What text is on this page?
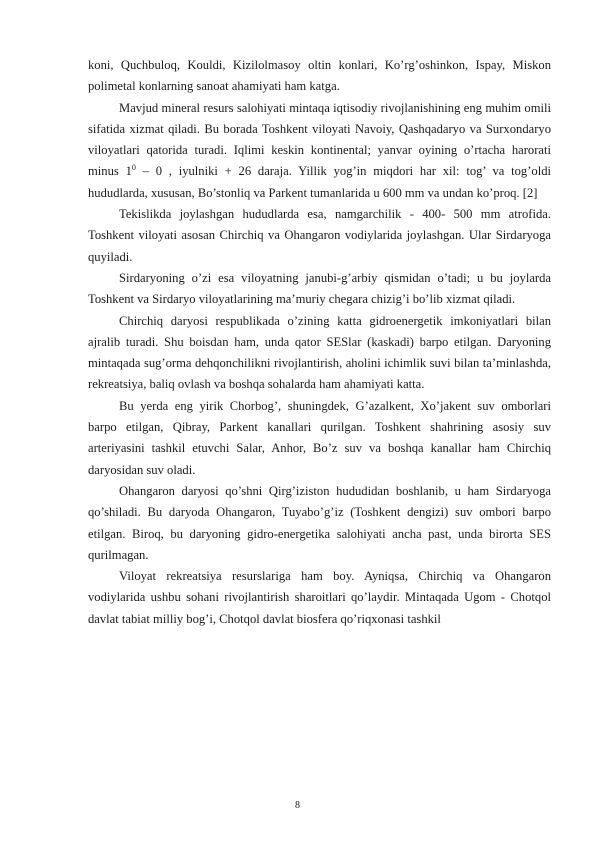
koni, Quchbuloq, Kouldi, Kizilolmasoy oltin konlari, Ko’rg’oshinkon, Ispay, Miskon polimetal konlarning sanoat ahamiyati ham katga.

Mavjud mineral resurs salohiyati mintaqa iqtisodiy rivojlanishining eng muhim omili sifatida xizmat qiladi. Bu borada Toshkent viloyati Navoiy, Qashqadaryo va Surxondaryo viloyatlari qatorida turadi. Iqlimi keskin kontinental; yanvar oyining o’rtacha harorati minus $1^0 - 0$ , iyulniki + 26 daraja. Yillik yog’in miqdori har xil: tog’ va tog’oldi hududlarda, xususan, Bo’stonliq va Parkent tumanlarida u 600 mm va undan ko’proq. [2]

Tekislikda joylashgan hududlarda esa, namgarchilik - 400- 500 mm atrofida. Toshkent viloyati asosan Chirchiq va Ohangaron vodiylarida joylashgan. Ular Sirdaryoga quyiladi.

Sirdaryoning o’zi esa viloyatning janubi-g’arbiy qismidan o’tadi; u bu joylarda Toshkent va Sirdaryo viloyatlarining ma’muriy chegara chizig’i bo’lib xizmat qiladi.

Chirchiq daryosi respublikada o’zining katta gidroenergetik imkoniyatlari bilan ajralib turadi. Shu boisdan ham, unda qator SESlar (kaskadi) barpo etilgan. Daryoning mintaqada sug’orma dehqonchilikni rivojlantirish, aholini ichimlik suvi bilan ta’minlashda, rekreatsiya, baliq ovlash va boshqa sohalarda ham ahamiyati katta.

Bu yerda eng yirik Chorbog’, shuningdek, G’azalkent, Xo’jakent suv omborlari barpo etilgan, Qibray, Parkent kanallari qurilgan. Toshkent shahrining asosiy suv arteriyasini tashkil etuvchi Salar, Anhor, Bo’z suv va boshqa kanallar ham Chirchiq daryosidan suv oladi.

Ohangaron daryosi qo’shni Qirg’iziston hududidan boshlanib, u ham Sirdaryoga qo’shiladi. Bu daryoda Ohangaron, Tuyabo’g’iz (Toshkent dengizi) suv ombori barpo etilgan. Biroq, bu daryoning gidro-energetika salohiyati ancha past, unda birorta SES qurilmagan.

Viloyat rekreatsiya resurslariga ham boy. Ayniqsa, Chirchiq va Ohangaron vodiylarida ushbu sohani rivojlantirish sharoitlari qo’laydir. Mintaqada Ugom - Chotqol davlat tabiat milliy bog’i, Chotqol davlat biosfera qo’riqxonasi tashkil

8
